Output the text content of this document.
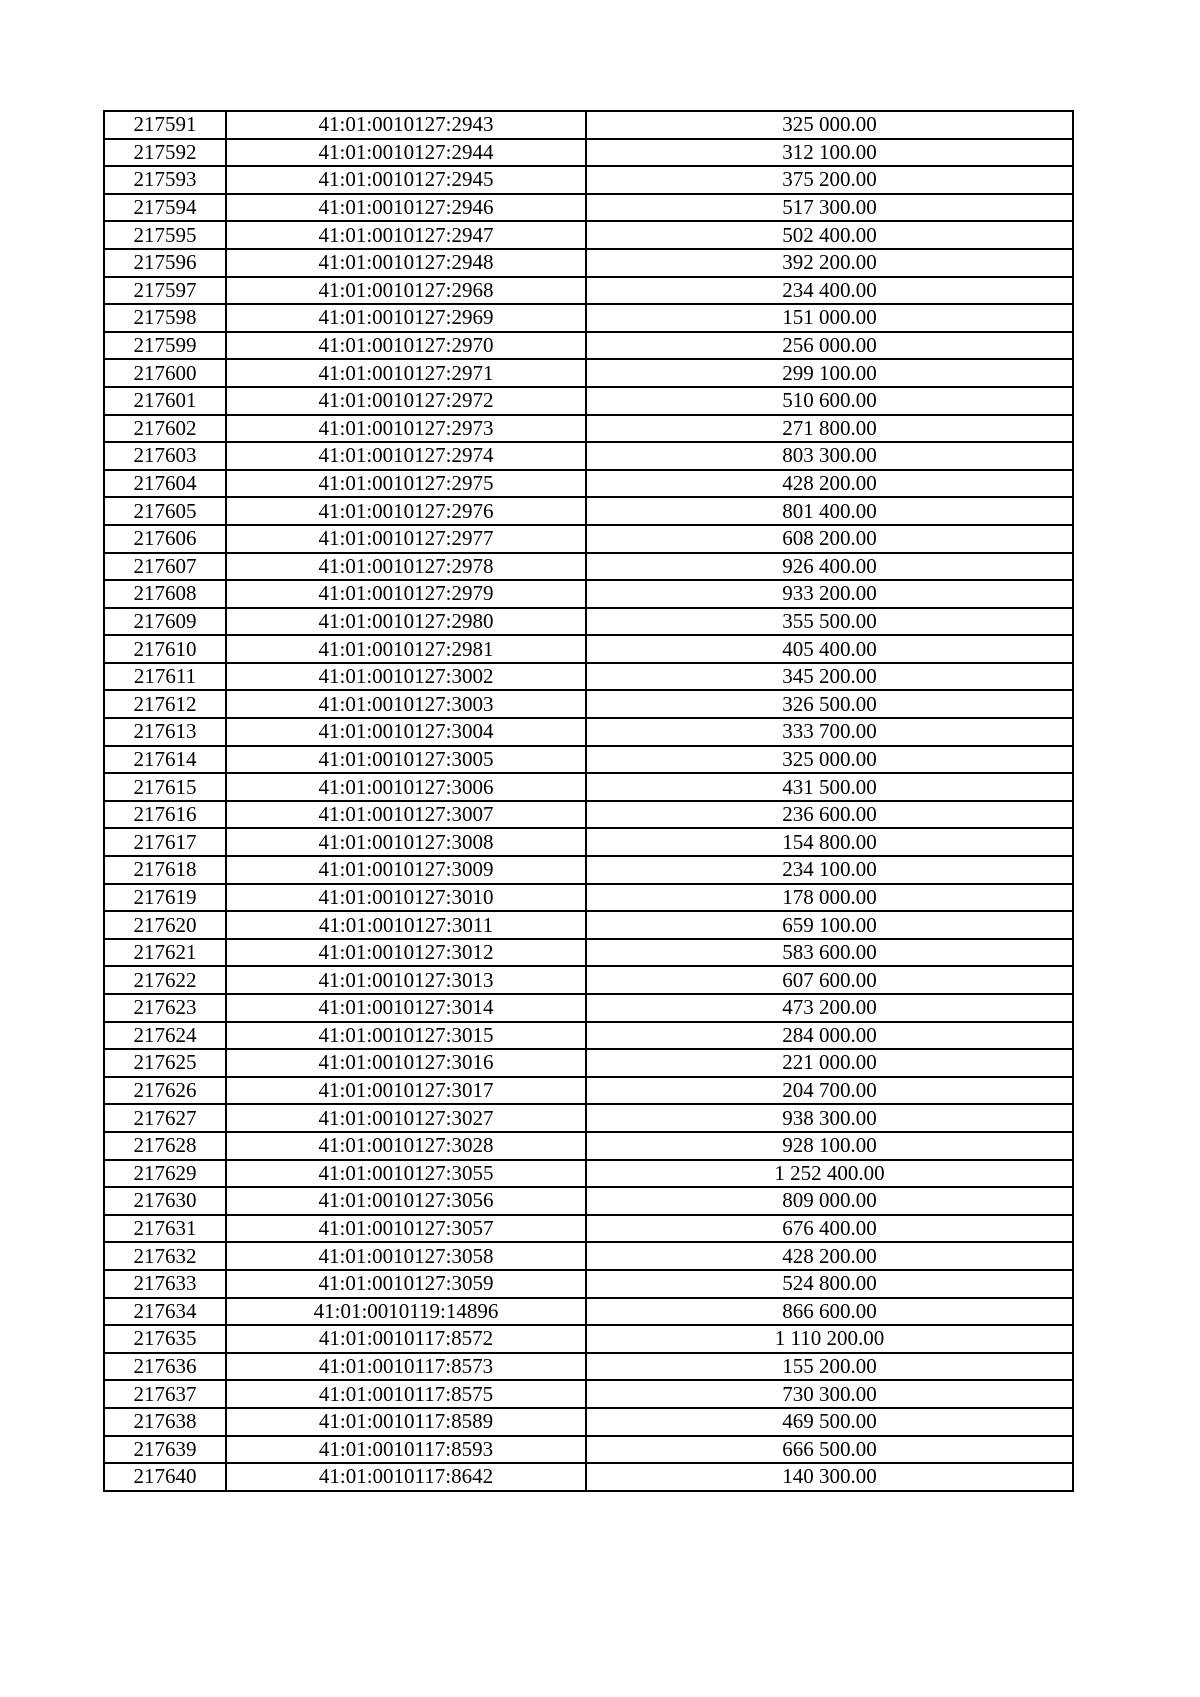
217591	41:01:0010127:2943	325 000.00
217592	41:01:0010127:2944	312 100.00
217593	41:01:0010127:2945	375 200.00
217594	41:01:0010127:2946	517 300.00
217595	41:01:0010127:2947	502 400.00
217596	41:01:0010127:2948	392 200.00
217597	41:01:0010127:2968	234 400.00
217598	41:01:0010127:2969	151 000.00
217599	41:01:0010127:2970	256 000.00
217600	41:01:0010127:2971	299 100.00
217601	41:01:0010127:2972	510 600.00
217602	41:01:0010127:2973	271 800.00
217603	41:01:0010127:2974	803 300.00
217604	41:01:0010127:2975	428 200.00
217605	41:01:0010127:2976	801 400.00
217606	41:01:0010127:2977	608 200.00
217607	41:01:0010127:2978	926 400.00
217608	41:01:0010127:2979	933 200.00
217609	41:01:0010127:2980	355 500.00
217610	41:01:0010127:2981	405 400.00
217611	41:01:0010127:3002	345 200.00
217612	41:01:0010127:3003	326 500.00
217613	41:01:0010127:3004	333 700.00
217614	41:01:0010127:3005	325 000.00
217615	41:01:0010127:3006	431 500.00
217616	41:01:0010127:3007	236 600.00
217617	41:01:0010127:3008	154 800.00
217618	41:01:0010127:3009	234 100.00
217619	41:01:0010127:3010	178 000.00
217620	41:01:0010127:3011	659 100.00
217621	41:01:0010127:3012	583 600.00
217622	41:01:0010127:3013	607 600.00
217623	41:01:0010127:3014	473 200.00
217624	41:01:0010127:3015	284 000.00
217625	41:01:0010127:3016	221 000.00
217626	41:01:0010127:3017	204 700.00
217627	41:01:0010127:3027	938 300.00
217628	41:01:0010127:3028	928 100.00
217629	41:01:0010127:3055	1 252 400.00
217630	41:01:0010127:3056	809 000.00
217631	41:01:0010127:3057	676 400.00
217632	41:01:0010127:3058	428 200.00
217633	41:01:0010127:3059	524 800.00
217634	41:01:0010119:14896	866 600.00
217635	41:01:0010117:8572	1 110 200.00
217636	41:01:0010117:8573	155 200.00
217637	41:01:0010117:8575	730 300.00
217638	41:01:0010117:8589	469 500.00
217639	41:01:0010117:8593	666 500.00
217640	41:01:0010117:8642	140 300.00
